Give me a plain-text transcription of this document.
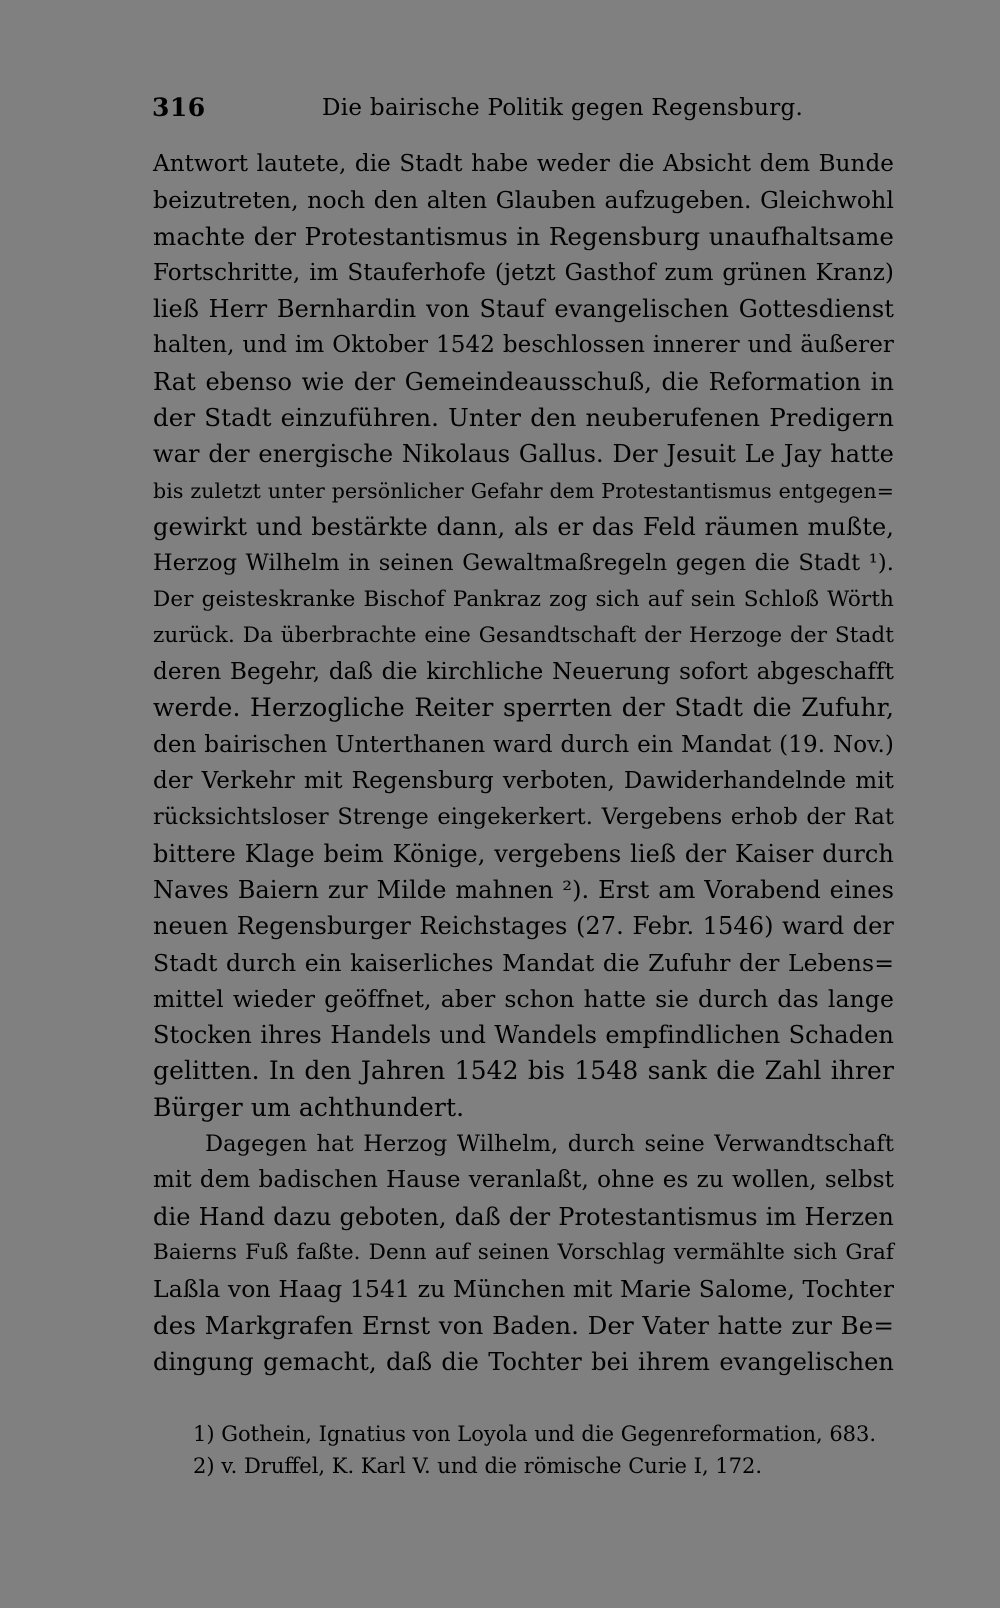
316	Die bairische Politik gegen Regensburg.
Antwort lautete, die Stadt habe weder die Absicht dem Bunde
beizutreten, noch den alten Glauben aufzugeben. Gleichwohl
machte der Protestantismus in Regensburg unaufhaltsame
Fortschritte, im Stauferhofe (jetzt Gasthof zum grünen Kranz)
ließ Herr Bernhardin von Stauf evangelischen Gottesdienst
halten, und im Oktober 1542 beschlossen innerer und äußerer
Rat ebenso wie der Gemeindeausschuß, die Reformation in
der Stadt einzuführen. Unter den neuberufenen Predigern
war der energische Nikolaus Gallus. Der Jesuit Le Jay hatte
bis zuletzt unter persönlicher Gefahr dem Protestantismus entgegen=
gewirkt und bestärkte dann, als er das Feld räumen mußte,
Herzog Wilhelm in seinen Gewaltmaßregeln gegen die Stadt ¹).
Der geisteskranke Bischof Pankraz zog sich auf sein Schloß Wörth
zurück. Da überbrachte eine Gesandtschaft der Herzoge der Stadt
deren Begehr, daß die kirchliche Neuerung sofort abgeschafft
werde. Herzogliche Reiter sperrten der Stadt die Zufuhr,
den bairischen Unterthanen ward durch ein Mandat (19. Nov.)
der Verkehr mit Regensburg verboten, Dawiderhandelnde mit
rücksichtsloser Strenge eingekerkert. Vergebens erhob der Rat
bittere Klage beim Könige, vergebens ließ der Kaiser durch
Naves Baiern zur Milde mahnen ²). Erst am Vorabend eines
neuen Regensburger Reichstages (27. Febr. 1546) ward der
Stadt durch ein kaiserliches Mandat die Zufuhr der Lebens=
mittel wieder geöffnet, aber schon hatte sie durch das lange
Stocken ihres Handels und Wandels empfindlichen Schaden
gelitten. In den Jahren 1542 bis 1548 sank die Zahl ihrer
Bürger um achthundert.
Dagegen hat Herzog Wilhelm, durch seine Verwandtschaft
mit dem badischen Hause veranlaßt, ohne es zu wollen, selbst
die Hand dazu geboten, daß der Protestantismus im Herzen
Baierns Fuß faßte. Denn auf seinen Vorschlag vermählte sich Graf
Laßla von Haag 1541 zu München mit Marie Salome, Tochter
des Markgrafen Ernst von Baden. Der Vater hatte zur Be=
dingung gemacht, daß die Tochter bei ihrem evangelischen
1) Gothein, Ignatius von Loyola und die Gegenreformation, 683.
2) v. Druffel, K. Karl V. und die römische Curie I, 172.
